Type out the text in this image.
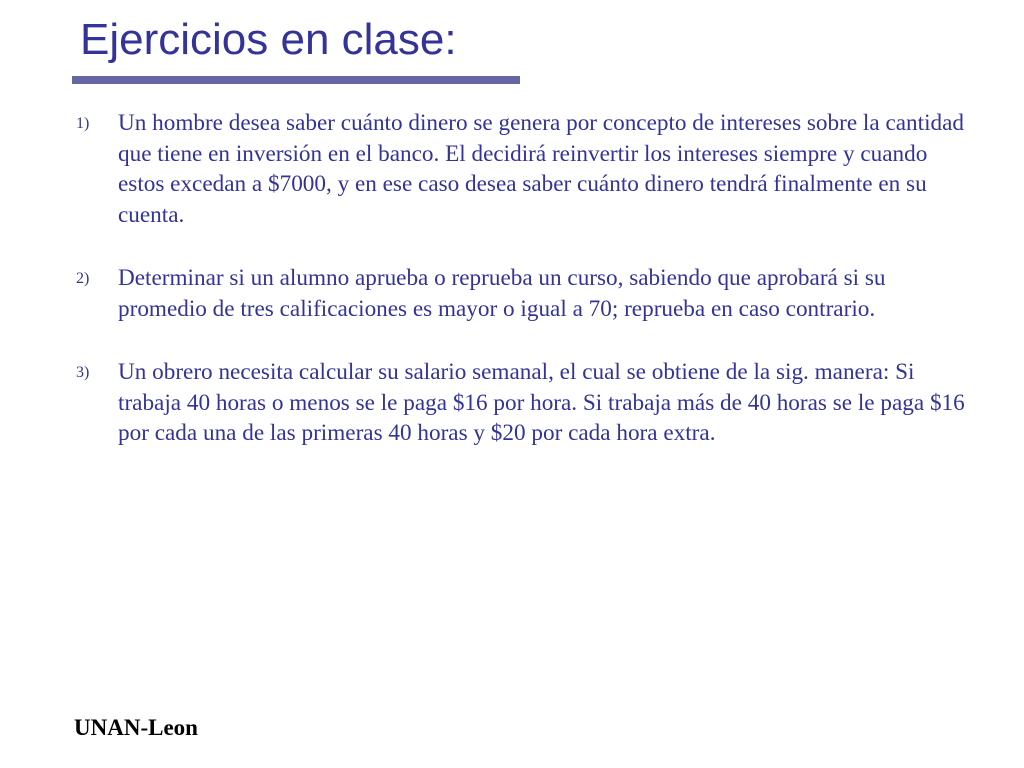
Ejercicios en clase:
1) Un hombre desea saber cuánto dinero se genera por concepto de intereses sobre la cantidad que tiene en inversión en el banco. El decidirá reinvertir los intereses siempre y cuando estos excedan a $7000, y en ese caso desea saber cuánto dinero tendrá finalmente en su cuenta.
2) Determinar si un alumno aprueba o reprueba un curso, sabiendo que aprobará si su promedio de tres calificaciones es mayor o igual a 70; reprueba en caso contrario.
3) Un obrero necesita calcular su salario semanal, el cual se obtiene de la sig. manera: Si trabaja 40 horas o menos se le paga $16 por hora. Si trabaja más de 40 horas se le paga $16 por cada una de las primeras 40 horas y $20 por cada hora extra.
UNAN-Leon
